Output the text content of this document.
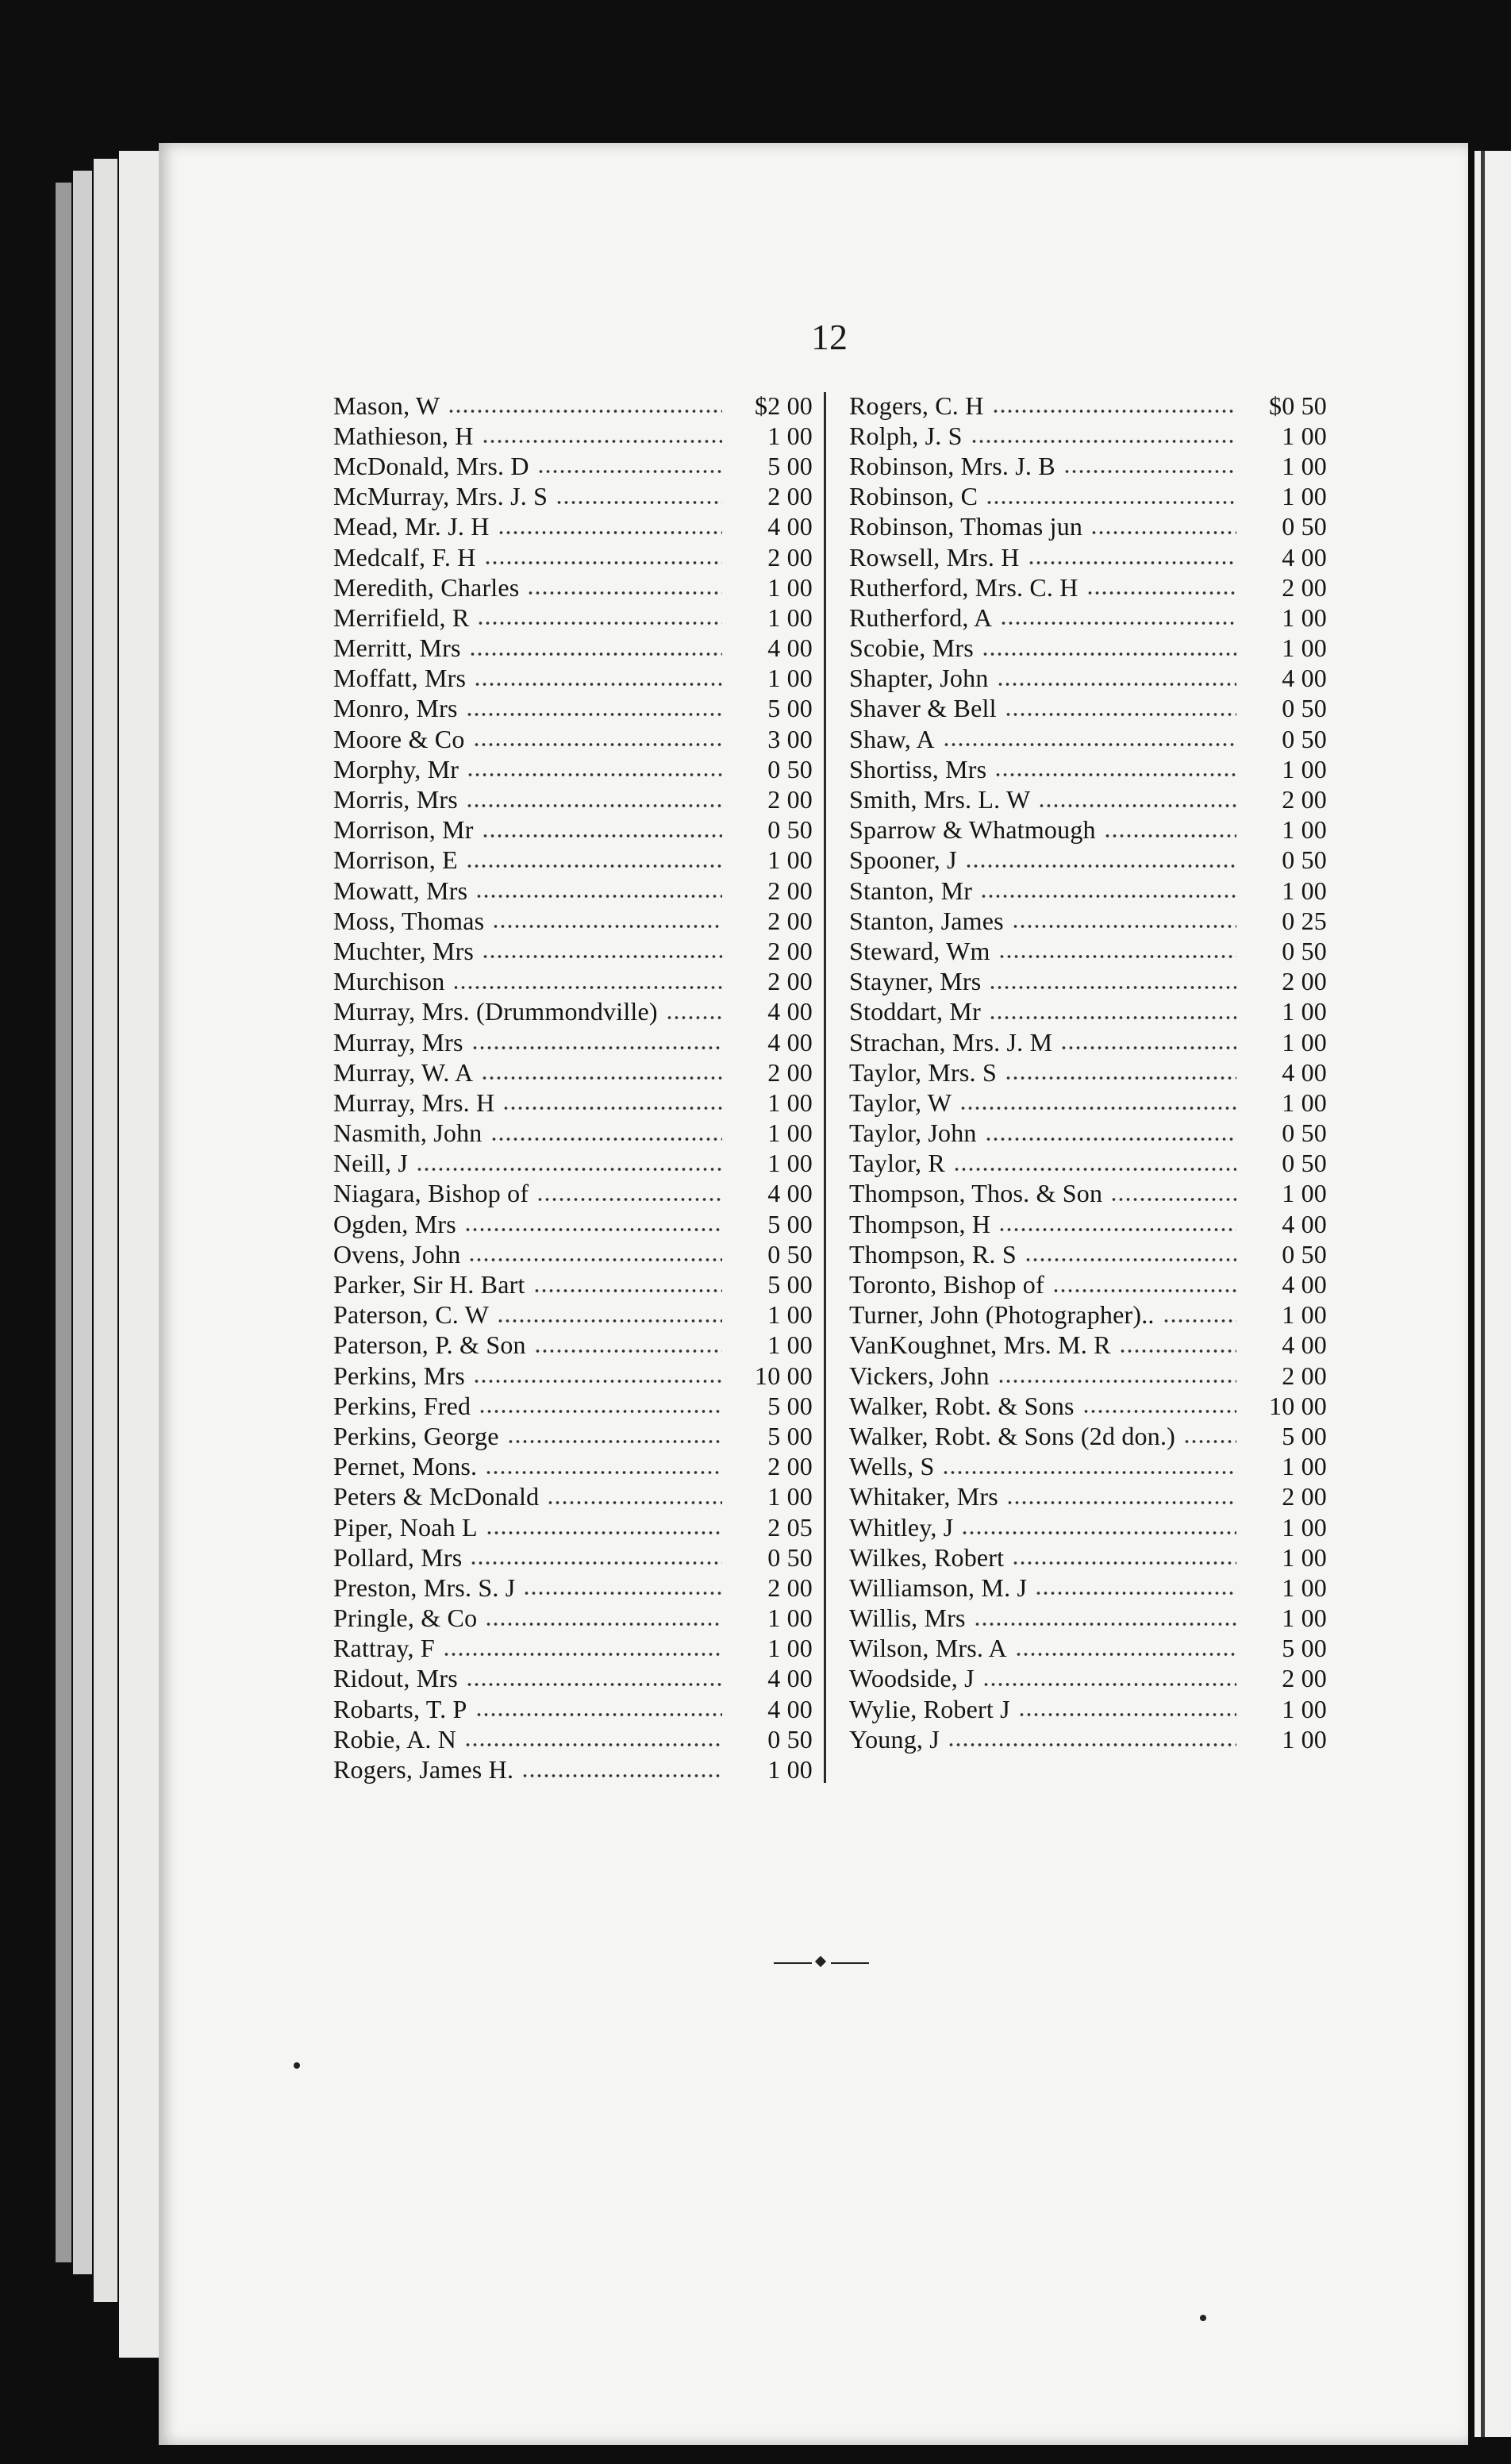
12
Mason, W	$2 00
Mathieson, H	1 00
McDonald, Mrs. D	5 00
McMurray, Mrs. J. S	2 00
Mead, Mr. J. H	4 00
Medcalf, F. H	2 00
Meredith, Charles	1 00
Merrifield, R	1 00
Merritt, Mrs	4 00
Moffatt, Mrs	1 00
Monro, Mrs	5 00
Moore & Co	3 00
Morphy, Mr	0 50
Morris, Mrs	2 00
Morrison, Mr	0 50
Morrison, E	1 00
Mowatt, Mrs	2 00
Moss, Thomas	2 00
Muchter, Mrs	2 00
Murchison	2 00
Murray, Mrs. (Drummondville)	4 00
Murray, Mrs	4 00
Murray, W. A	2 00
Murray, Mrs. H	1 00
Nasmith, John	1 00
Neill, J	1 00
Niagara, Bishop of	4 00
Ogden, Mrs	5 00
Ovens, John	0 50
Parker, Sir H. Bart	5 00
Paterson, C. W	1 00
Paterson, P. & Son	1 00
Perkins, Mrs	10 00
Perkins, Fred	5 00
Perkins, George	5 00
Pernet, Mons.	2 00
Peters & McDonald	1 00
Piper, Noah L	2 05
Pollard, Mrs	0 50
Preston, Mrs. S. J	2 00
Pringle, & Co	1 00
Rattray, F	1 00
Ridout, Mrs	4 00
Robarts, T. P	4 00
Robie, A. N	0 50
Rogers, James H.	1 00
Rogers, C. H	$0 50
Rolph, J. S	1 00
Robinson, Mrs. J. B	1 00
Robinson, C	1 00
Robinson, Thomas jun	0 50
Rowsell, Mrs. H	4 00
Rutherford, Mrs. C. H	2 00
Rutherford, A	1 00
Scobie, Mrs	1 00
Shapter, John	4 00
Shaver & Bell	0 50
Shaw, A	0 50
Shortiss, Mrs	1 00
Smith, Mrs. L. W	2 00
Sparrow & Whatmough	1 00
Spooner, J	0 50
Stanton, Mr	1 00
Stanton, James	0 25
Steward, Wm	0 50
Stayner, Mrs	2 00
Stoddart, Mr	1 00
Strachan, Mrs. J. M	1 00
Taylor, Mrs. S	4 00
Taylor, W	1 00
Taylor, John	0 50
Taylor, R	0 50
Thompson, Thos. & Son	1 00
Thompson, H	4 00
Thompson, R. S	0 50
Toronto, Bishop of	4 00
Turner, John (Photographer)..	1 00
VanKoughnet, Mrs. M. R	4 00
Vickers, John	2 00
Walker, Robt. & Sons	10 00
Walker, Robt. & Sons (2d don.)	5 00
Wells, S	1 00
Whitaker, Mrs	2 00
Whitley, J	1 00
Wilkes, Robert	1 00
Williamson, M. J	1 00
Willis, Mrs	1 00
Wilson, Mrs. A	5 00
Woodside, J	2 00
Wylie, Robert J	1 00
Young, J	1 00
